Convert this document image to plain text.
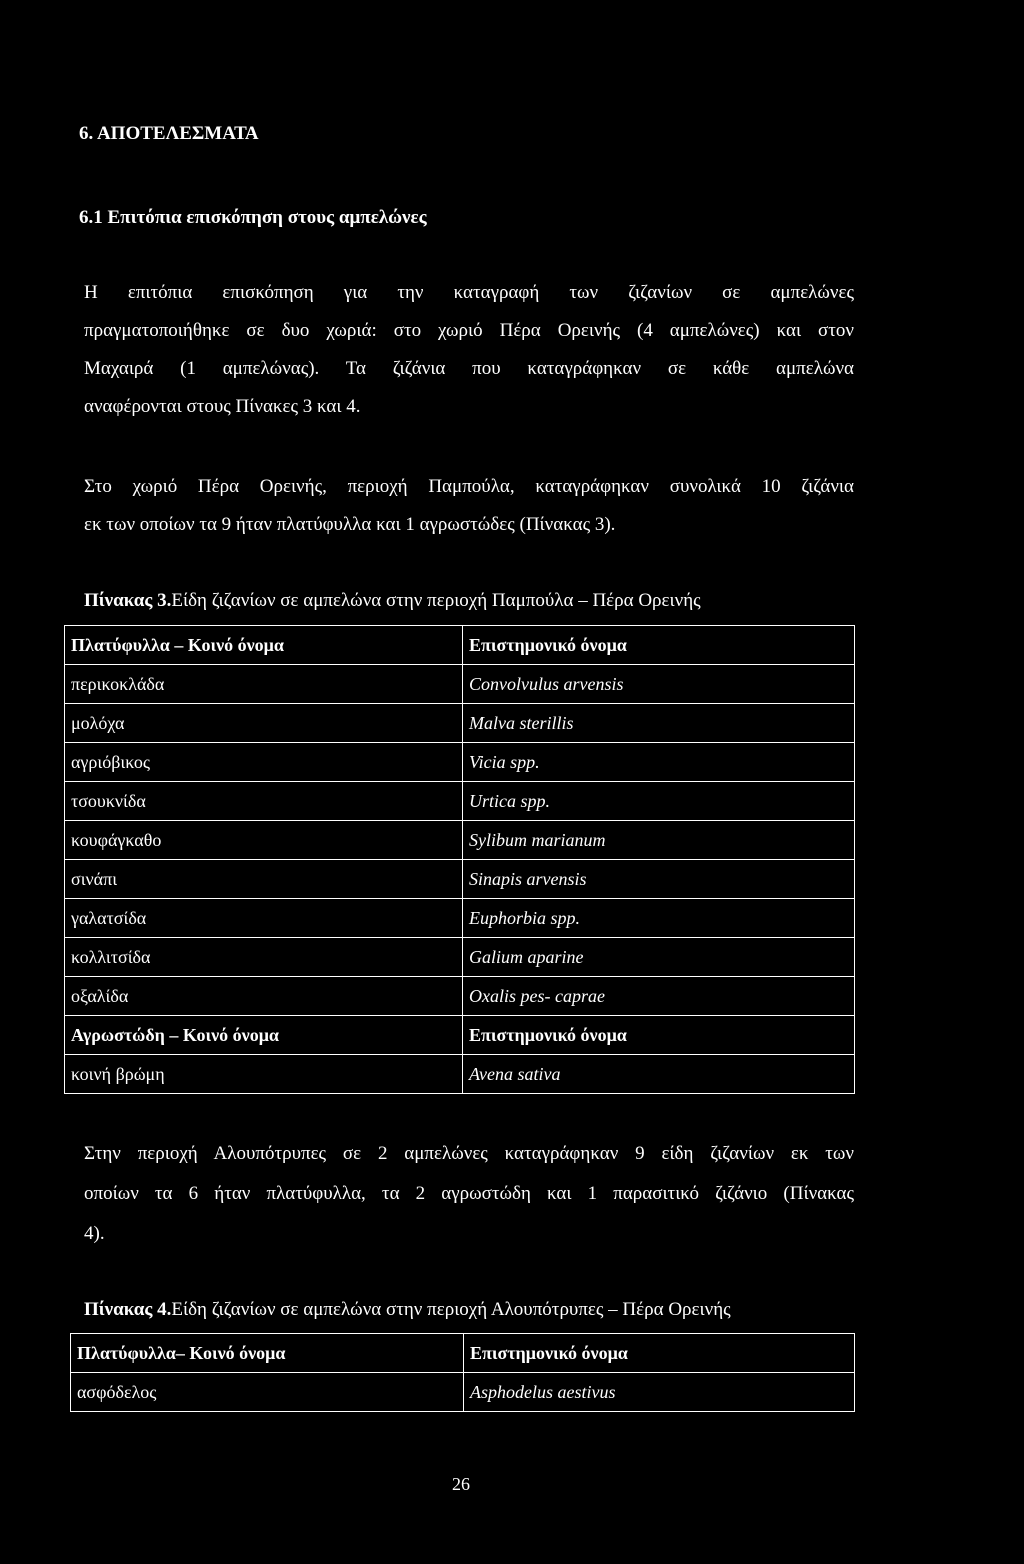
6. ΑΠΟΤΕΛΕΣΜΑΤΑ
6.1 Επιτόπια επισκόπηση στους αμπελώνες
Η επιτόπια επισκόπηση για την καταγραφή των ζιζανίων σε αμπελώνες
πραγματοποιήθηκε σε δυο χωριά: στο χωριό Πέρα Ορεινής (4 αμπελώνες) και στον
Μαχαιρά (1 αμπελώνας). Τα ζιζάνια που καταγράφηκαν σε κάθε αμπελώνα
αναφέρονται στους Πίνακες 3 και 4.
Στο χωριό Πέρα Ορεινής, περιοχή Παμπούλα, καταγράφηκαν συνολικά 10 ζιζάνια
εκ των οποίων τα 9 ήταν πλατύφυλλα και 1 αγρωστώδες (Πίνακας 3).
Πίνακας 3.Είδη ζιζανίων σε αμπελώνα στην περιοχή Παμπούλα – Πέρα Ορεινής
Πλατύφυλλα – Κοινό όνομα	Επιστημονικό όνομα
περικοκλάδα	Convolvulus arvensis
μολόχα	Malva sterillis
αγριόβικος	Vicia spp.
τσουκνίδα	Urtica spp.
κουφάγκαθο	Sylibum marianum
σινάπι	Sinapis arvensis
γαλατσίδα	Euphorbia spp.
κολλιτσίδα	Galium aparine
οξαλίδα	Oxalis pes- caprae
Αγρωστώδη – Κοινό όνομα	Επιστημονικό όνομα
κοινή βρώμη	Avena sativa
Στην περιοχή Αλουπότρυπες σε 2 αμπελώνες καταγράφηκαν 9 είδη ζιζανίων εκ των
οποίων τα 6 ήταν πλατύφυλλα, τα 2 αγρωστώδη και 1 παρασιτικό ζιζάνιο (Πίνακας
4).
Πίνακας 4.Είδη ζιζανίων σε αμπελώνα στην περιοχή Αλουπότρυπες – Πέρα Ορεινής
Πλατύφυλλα– Κοινό όνομα	Επιστημονικό όνομα
ασφόδελος	Asphodelus aestivus
26
